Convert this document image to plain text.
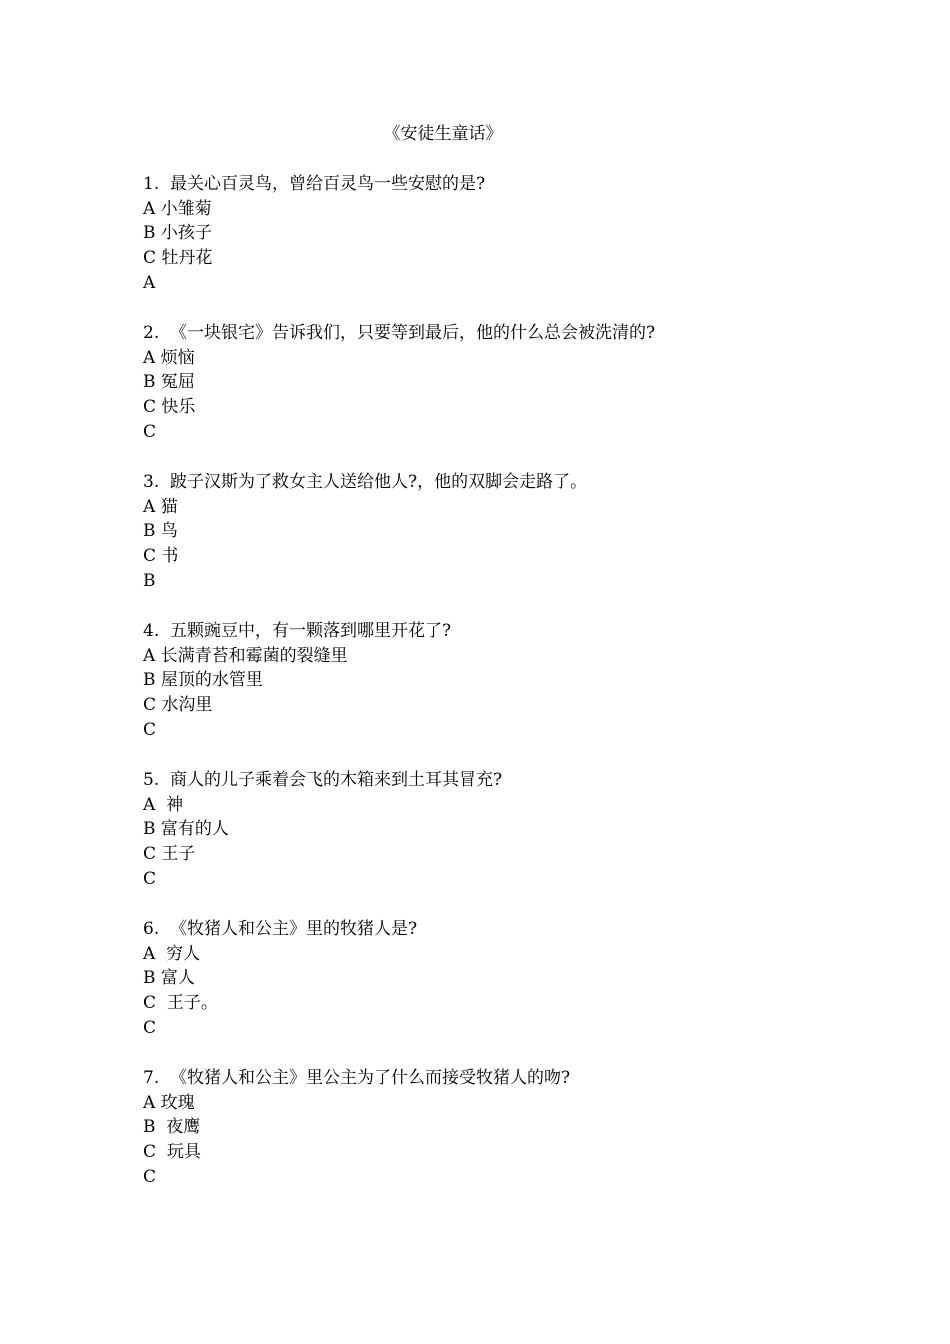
《安徒生童话》
1.  最关心百灵鸟，曾给百灵鸟一些安慰的是?
A 小雏菊
B 小孩子
C 牡丹花
A
2.  《一块银宅》告诉我们，只要等到最后，他的什么总会被洗清的?
A 烦恼
B 冤屈
C 快乐
C
3.  跛子汉斯为了救女主人送给他人?，他的双脚会走路了。
A 猫
B 鸟
C 书
B
4.  五颗豌豆中，有一颗落到哪里开花了?
A 长满青苔和霉菌的裂缝里
B 屋顶的水管里
C 水沟里
C
5.  商人的儿子乘着会飞的木箱来到土耳其冒充?
A  神
B 富有的人
C 王子
C
6.  《牧猪人和公主》里的牧猪人是?
A  穷人
B 富人
C  王子。
C
7.  《牧猪人和公主》里公主为了什么而接受牧猪人的吻?
A 玫瑰
B  夜鹰
C  玩具
C
